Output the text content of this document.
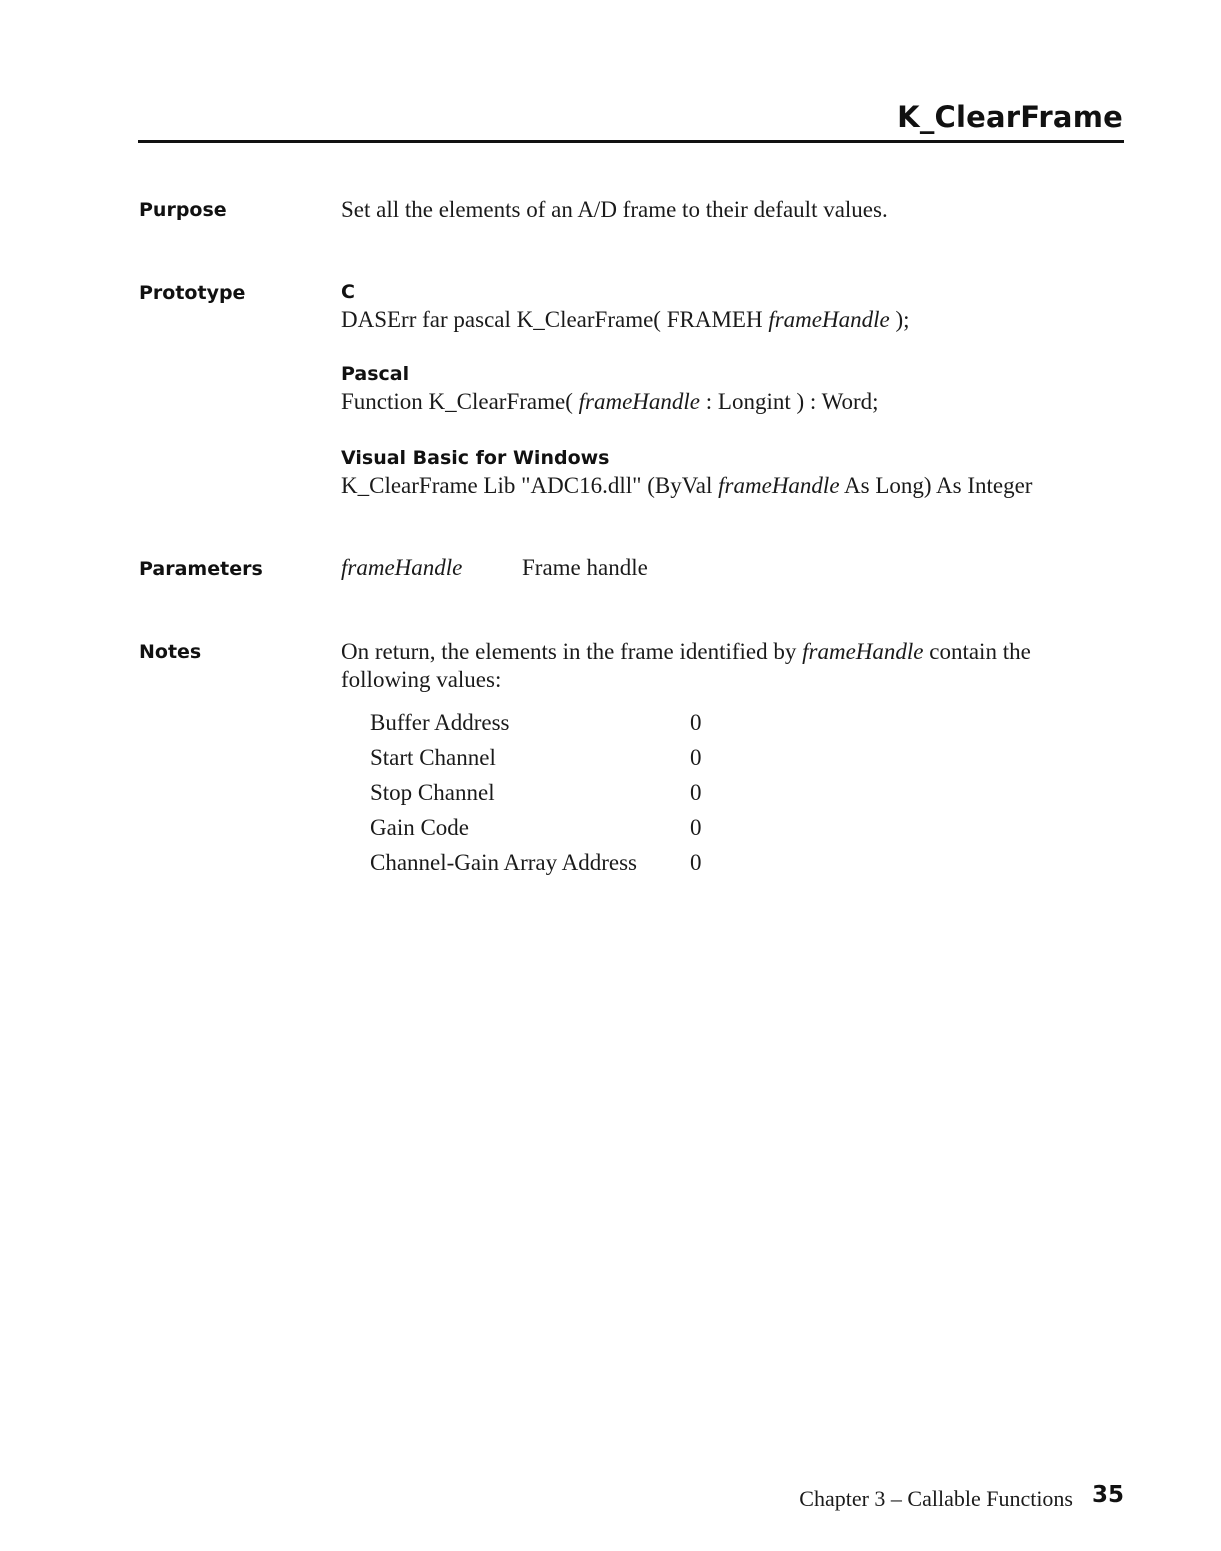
K_ClearFrame
Purpose	Set all the elements of an A/D frame to their default values.
Prototype	C
DASErr far pascal K_ClearFrame( FRAMEH frameHandle );
Pascal
Function K_ClearFrame( frameHandle : Longint ) : Word;
Visual Basic for Windows
K_ClearFrame Lib "ADC16.dll" (ByVal frameHandle As Long) As Integer
Parameters	frameHandle	Frame handle
Notes	On return, the elements in the frame identified by frameHandle contain the
following values:
Buffer Address	0
Start Channel	0
Stop Channel	0
Gain Code	0
Channel-Gain Array Address 0
Chapter 3 – Callable Functions 35
